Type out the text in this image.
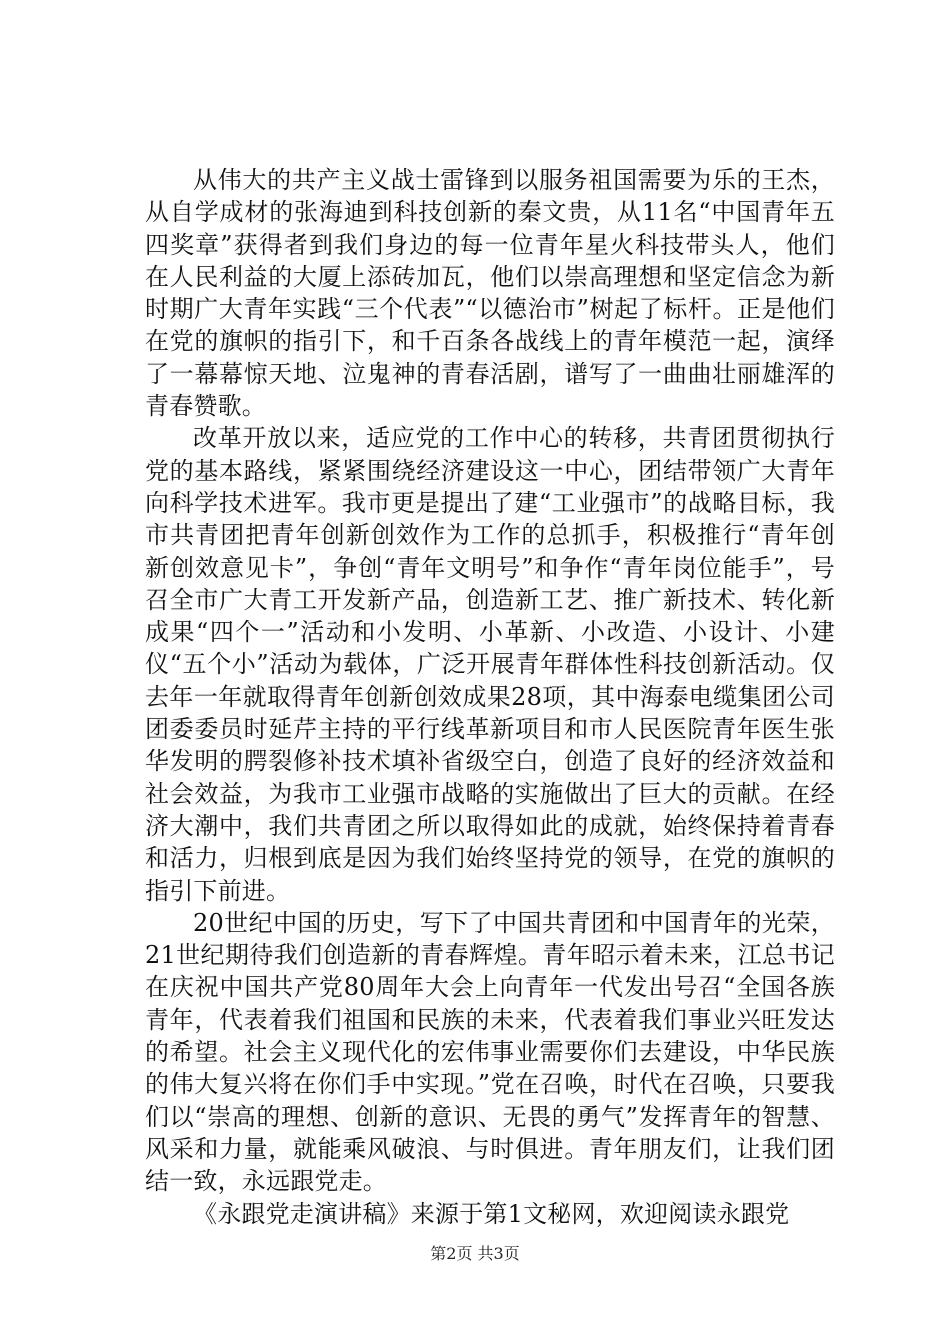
从伟大的共产主义战士雷锋到以服务祖国需要为乐的王杰，从自学成材的张海迪到科技创新的秦文贵，从11名“中国青年五四奖章”获得者到我们身边的每一位青年星火科技带头人，他们在人民利益的大厦上添砖加瓦，他们以崇高理想和坚定信念为新时期广大青年实践“三个代表”“以德治市”树起了标杆。正是他们在党的旗帜的指引下，和千百条各战线上的青年模范一起，演绎了一幕幕惊天地、泣鬼神的青春活剧，谱写了一曲曲壮丽雄浑的青春赞歌。

改革开放以来，适应党的工作中心的转移，共青团贯彻执行党的基本路线，紧紧围绕经济建设这一中心，团结带领广大青年向科学技术进军。我市更是提出了建“工业强市”的战略目标，我市共青团把青年创新创效作为工作的总抓手，积极推行“青年创新创效意见卡”，争创“青年文明号”和争作“青年岗位能手”，号召全市广大青工开发新产品，创造新工艺、推广新技术、转化新成果“四个一”活动和小发明、小革新、小改造、小设计、小建仪“五个小”活动为载体，广泛开展青年群体性科技创新活动。仅去年一年就取得青年创新创效成果28项，其中海泰电缆集团公司团委委员时延芹主持的平行线革新项目和市人民医院青年医生张华发明的腭裂修补技术填补省级空白，创造了良好的经济效益和社会效益，为我市工业强市战略的实施做出了巨大的贡献。在经济大潮中，我们共青团之所以取得如此的成就，始终保持着青春和活力，归根到底是因为我们始终坚持党的领导，在党的旗帜的指引下前进。

20世纪中国的历史，写下了中国共青团和中国青年的光荣，21世纪期待我们创造新的青春辉煌。青年昭示着未来，江总书记在庆祝中国共产党80周年大会上向青年一代发出号召“全国各族青年，代表着我们祖国和民族的未来，代表着我们事业兴旺发达的希望。社会主义现代化的宏伟事业需要你们去建设，中华民族的伟大复兴将在你们手中实现。”党在召唤，时代在召唤，只要我们以“崇高的理想、创新的意识、无畏的勇气”发挥青年的智慧、风采和力量，就能乘风破浪、与时俱进。青年朋友们，让我们团结一致，永远跟党走。

《永跟党走演讲稿》来源于第1文秘网，欢迎阅读永跟党

第2页 共3页
